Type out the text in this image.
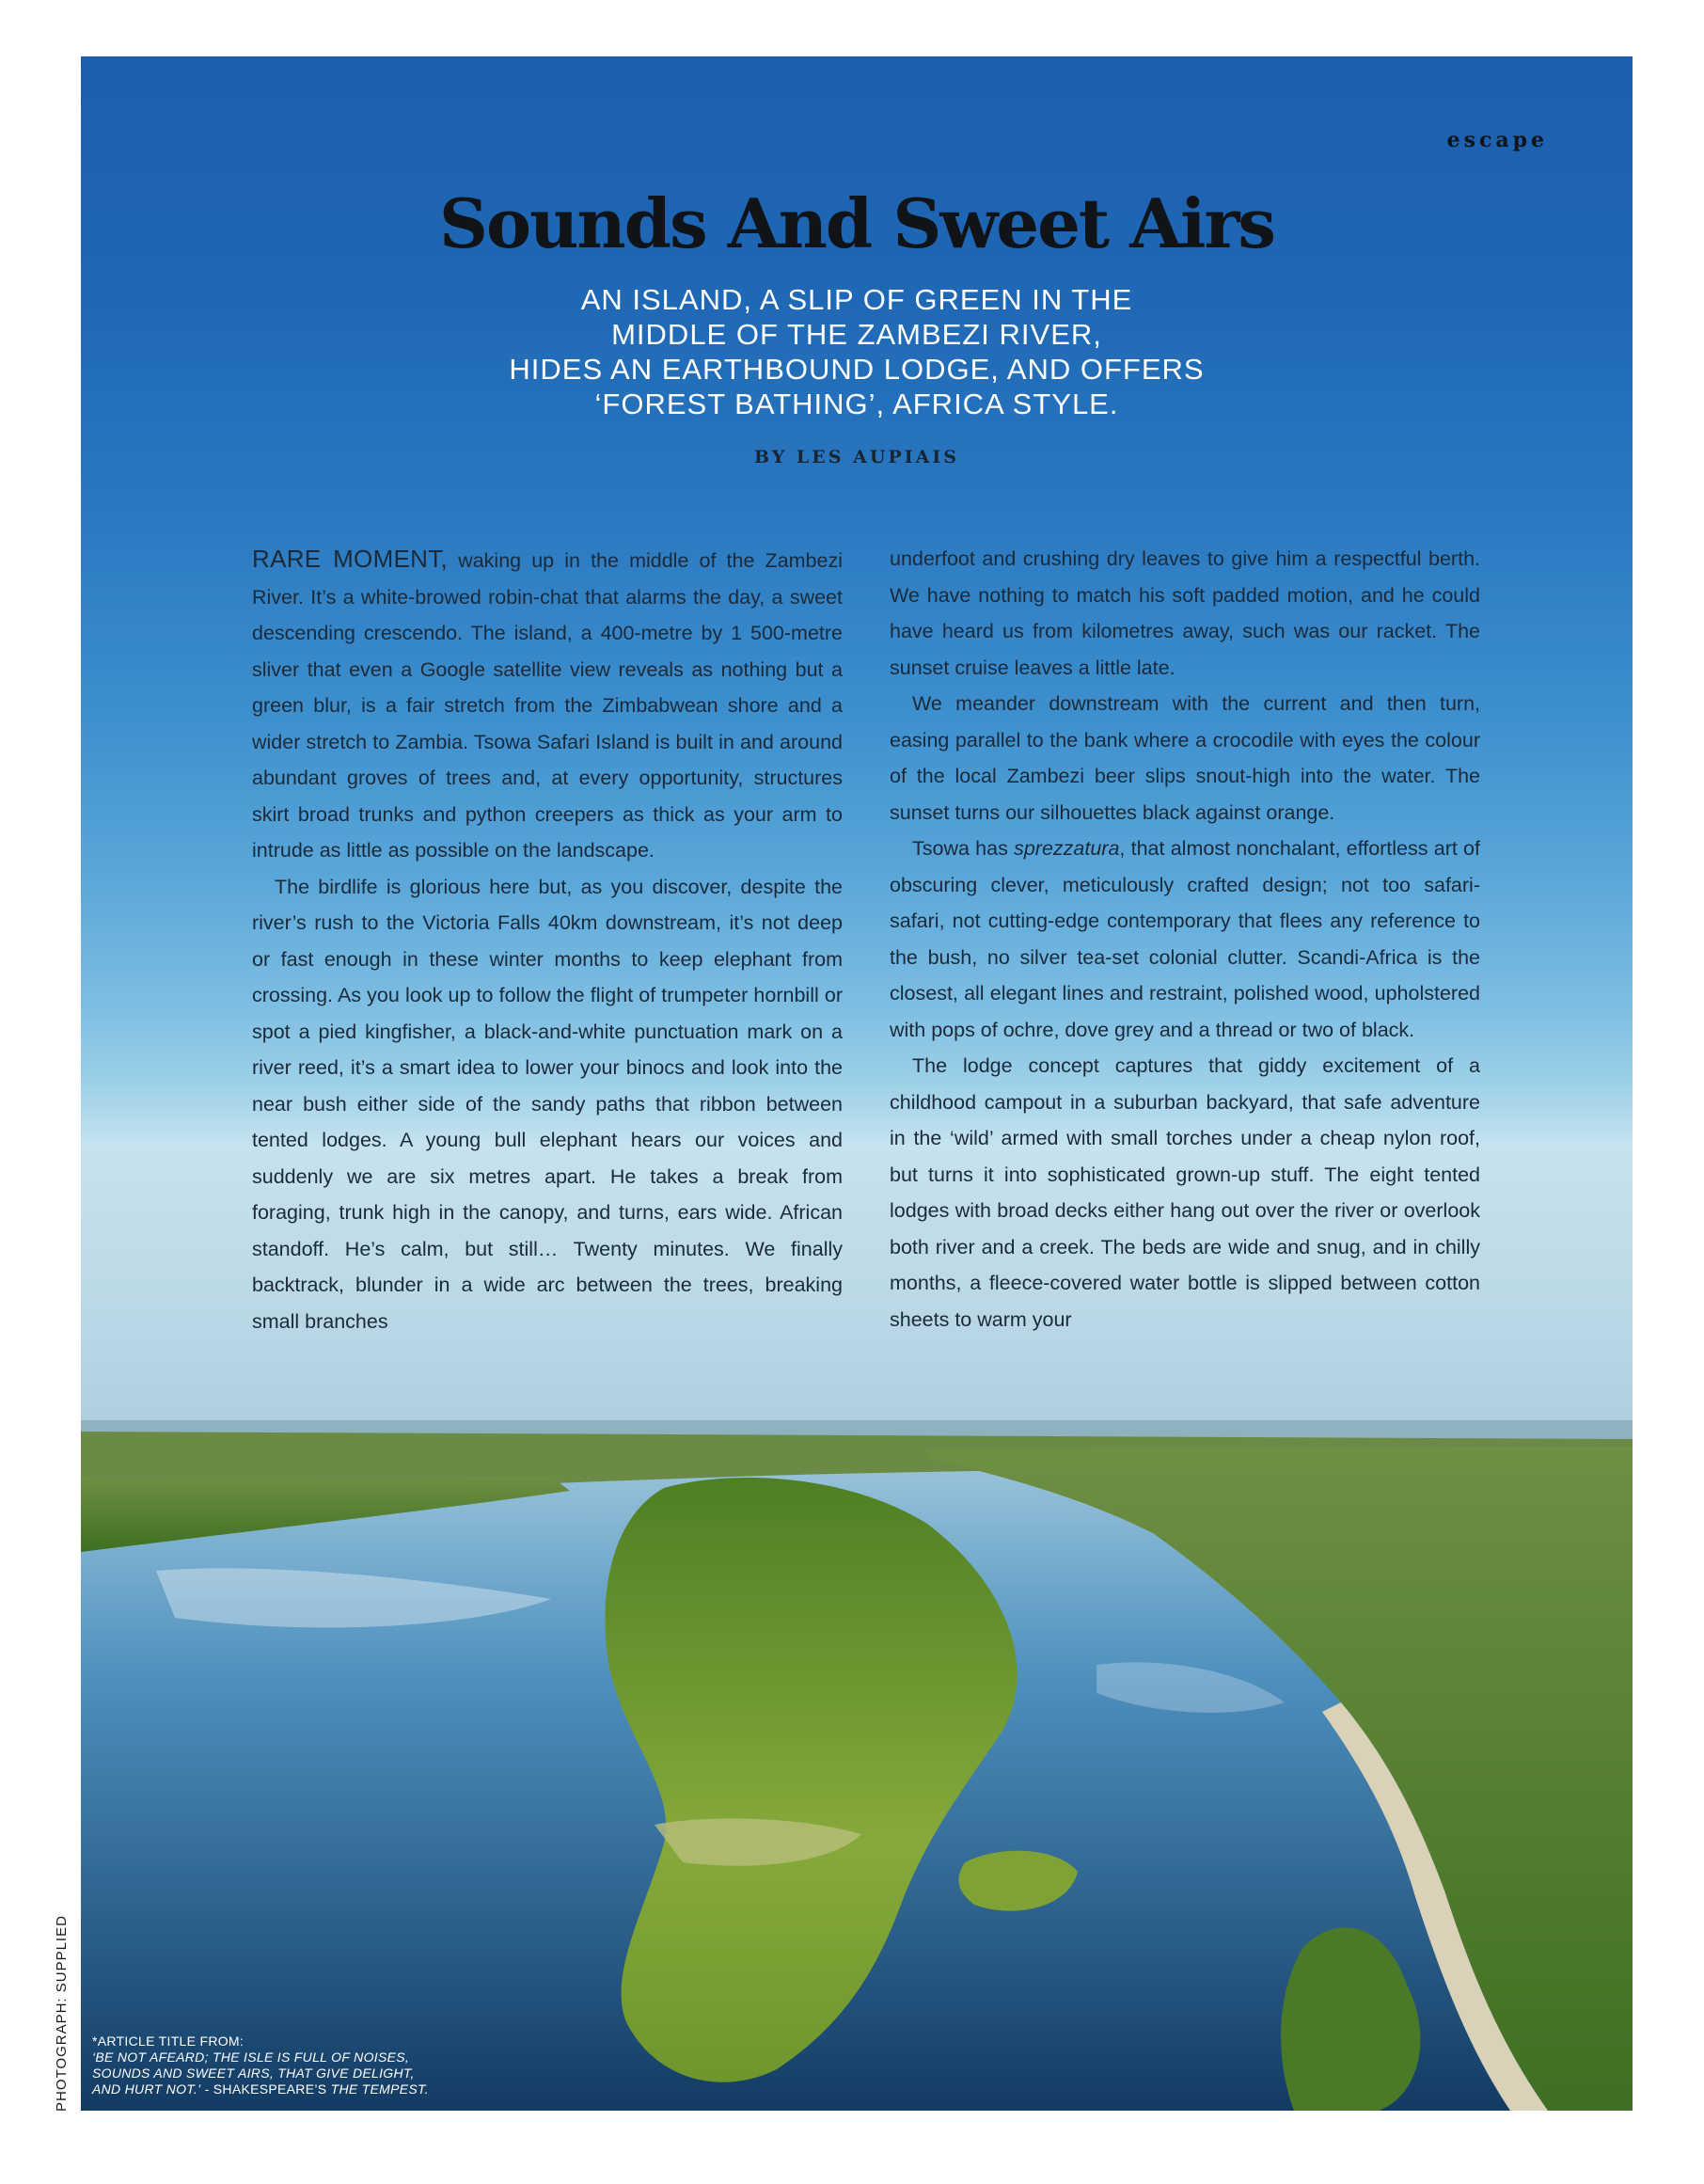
escape
Sounds And Sweet Airs
AN ISLAND, A SLIP OF GREEN IN THE
MIDDLE OF THE ZAMBEZI RIVER,
HIDES AN EARTHBOUND LODGE, AND OFFERS
‘FOREST BATHING’, AFRICA STYLE.
BY LES AUPIAIS

RARE MOMENT, waking up in the middle of the Zambezi River. It’s a white-browed robin-chat that alarms the day, a sweet descending crescendo. The island, a 400-metre by 1 500-metre sliver that even a Google satellite view reveals as nothing but a green blur, is a fair stretch from the Zimbabwean shore and a wider stretch to Zambia. Tsowa Safari Island is built in and around abundant groves of trees and, at every opportunity, structures skirt broad trunks and python creepers as thick as your arm to intrude as little as possible on the landscape.

The birdlife is glorious here but, as you discover, despite the river’s rush to the Victoria Falls 40km downstream, it’s not deep or fast enough in these winter months to keep elephant from crossing. As you look up to follow the flight of trumpeter hornbill or spot a pied kingfisher, a black-and-white punctuation mark on a river reed, it’s a smart idea to lower your binocs and look into the near bush either side of the sandy paths that ribbon between tented lodges. A young bull elephant hears our voices and suddenly we are six metres apart. He takes a break from foraging, trunk high in the canopy, and turns, ears wide. African standoff. He’s calm, but still… Twenty minutes. We finally backtrack, blunder in a wide arc between the trees, breaking small branches

underfoot and crushing dry leaves to give him a respectful berth. We have nothing to match his soft padded motion, and he could have heard us from kilometres away, such was our racket. The sunset cruise leaves a little late.

We meander downstream with the current and then turn, easing parallel to the bank where a crocodile with eyes the colour of the local Zambezi beer slips snout-high into the water. The sunset turns our silhouettes black against orange.

Tsowa has sprezzatura, that almost nonchalant, effortless art of obscuring clever, meticulously crafted design; not too safari-safari, not cutting-edge contemporary that flees any reference to the bush, no silver tea-set colonial clutter. Scandi-Africa is the closest, all elegant lines and restraint, polished wood, upholstered with pops of ochre, dove grey and a thread or two of black.

The lodge concept captures that giddy excitement of a childhood campout in a suburban backyard, that safe adventure in the ‘wild’ armed with small torches under a cheap nylon roof, but turns it into sophisticated grown-up stuff. The eight tented lodges with broad decks either hang out over the river or overlook both river and a creek. The beds are wide and snug, and in chilly months, a fleece-covered water bottle is slipped between cotton sheets to warm your

*ARTICLE TITLE FROM:
‘BE NOT AFEARD; THE ISLE IS FULL OF NOISES,
SOUNDS AND SWEET AIRS, THAT GIVE DELIGHT,
AND HURT NOT.’ - SHAKESPEARE’S THE TEMPEST.
PHOTOGRAPH: SUPPLIED
